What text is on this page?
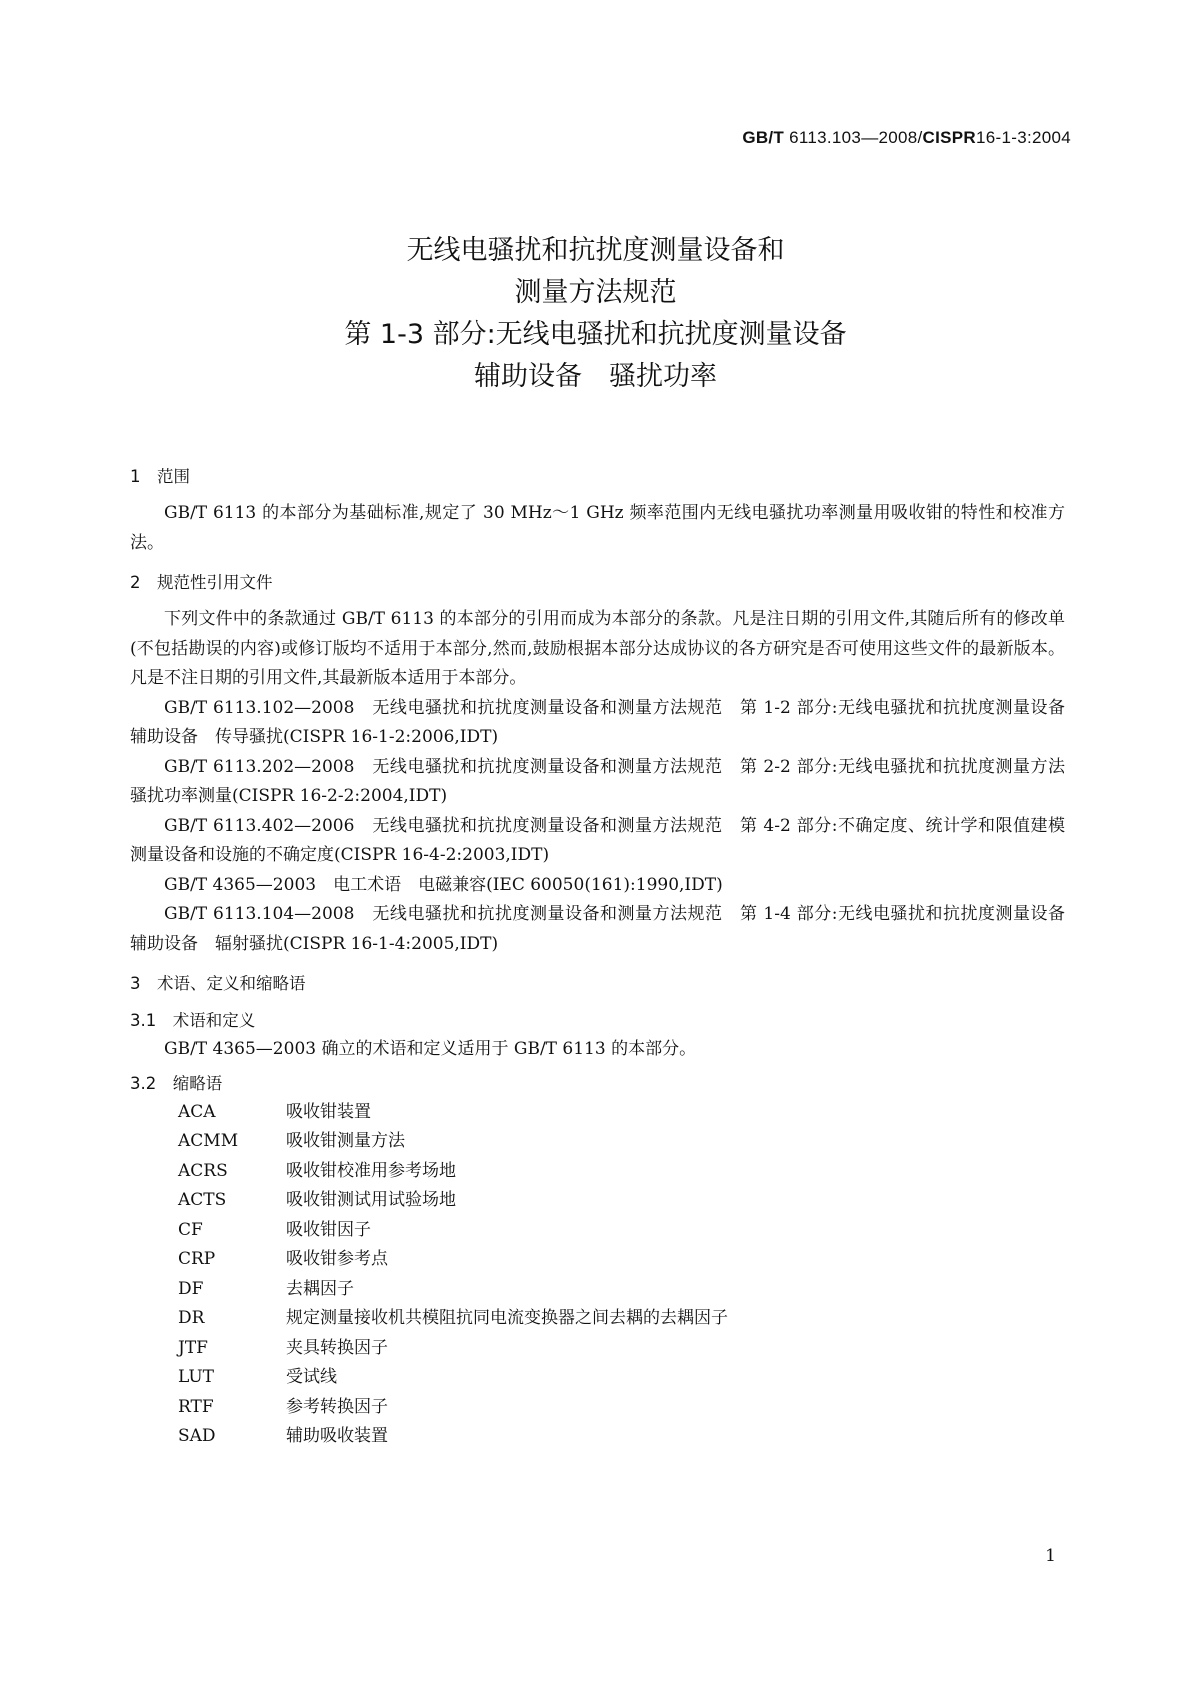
GB/T 6113.103—2008/CISPR16-1-3:2004
无线电骚扰和抗扰度测量设备和
测量方法规范
第 1-3 部分:无线电骚扰和抗扰度测量设备
辅助设备　骚扰功率
1　范围

GB/T 6113 的本部分为基础标准,规定了 30 MHz～1 GHz 频率范围内无线电骚扰功率测量用吸收钳的特性和校准方法。

2　规范性引用文件

下列文件中的条款通过 GB/T 6113 的本部分的引用而成为本部分的条款。凡是注日期的引用文件,其随后所有的修改单(不包括勘误的内容)或修订版均不适用于本部分,然而,鼓励根据本部分达成协议的各方研究是否可使用这些文件的最新版本。凡是不注日期的引用文件,其最新版本适用于本部分。

GB/T 6113.102—2008　无线电骚扰和抗扰度测量设备和测量方法规范　第 1-2 部分:无线电骚扰和抗扰度测量设备　辅助设备　传导骚扰(CISPR 16-1-2:2006,IDT)

GB/T 6113.202—2008　无线电骚扰和抗扰度测量设备和测量方法规范　第 2-2 部分:无线电骚扰和抗扰度测量方法　骚扰功率测量(CISPR 16-2-2:2004,IDT)

GB/T 6113.402—2006　无线电骚扰和抗扰度测量设备和测量方法规范　第 4-2 部分:不确定度、统计学和限值建模　测量设备和设施的不确定度(CISPR 16-4-2:2003,IDT)

GB/T 4365—2003　电工术语　电磁兼容(IEC 60050(161):1990,IDT)

GB/T 6113.104—2008　无线电骚扰和抗扰度测量设备和测量方法规范　第 1-4 部分:无线电骚扰和抗扰度测量设备　辅助设备　辐射骚扰(CISPR 16-1-4:2005,IDT)

3　术语、定义和缩略语
3.1　术语和定义

GB/T 4365—2003 确立的术语和定义适用于 GB/T 6113 的本部分。

3.2　缩略语
ACA	吸收钳装置
ACMM	吸收钳测量方法
ACRS	吸收钳校准用参考场地
ACTS	吸收钳测试用试验场地
CF	吸收钳因子
CRP	吸收钳参考点
DF	去耦因子
DR	规定测量接收机共模阻抗同电流变换器之间去耦的去耦因子
JTF	夹具转换因子
LUT	受试线
RTF	参考转换因子
SAD	辅助吸收装置
1
